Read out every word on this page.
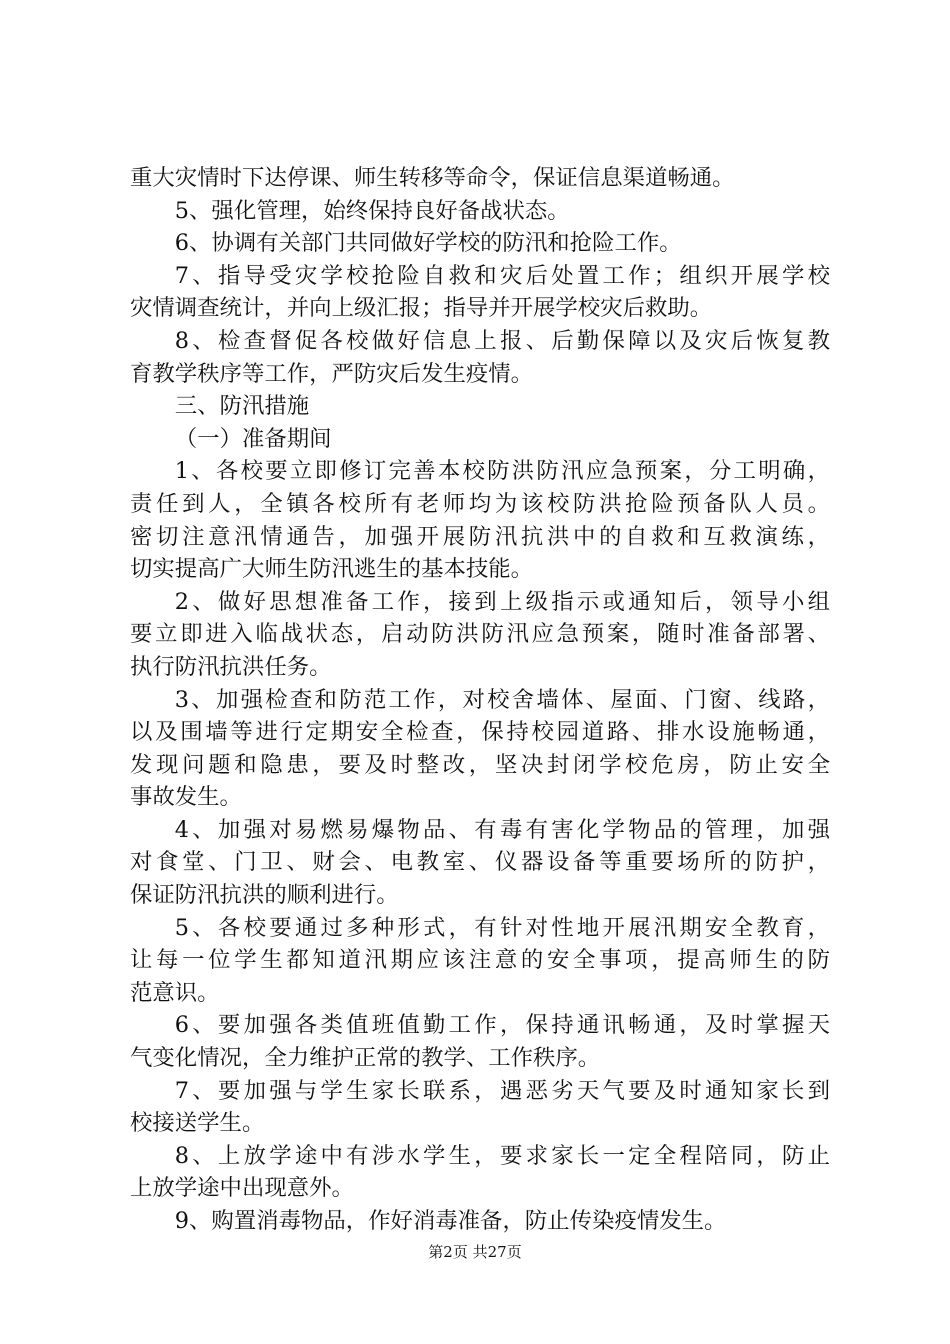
重大灾情时下达停课、师生转移等命令，保证信息渠道畅通。
5、强化管理，始终保持良好备战状态。
6、协调有关部门共同做好学校的防汛和抢险工作。
7、指导受灾学校抢险自救和灾后处置工作；组织开展学校
灾情调查统计，并向上级汇报；指导并开展学校灾后救助。
8、检查督促各校做好信息上报、后勤保障以及灾后恢复教
育教学秩序等工作，严防灾后发生疫情。
三、防汛措施
（一）准备期间
1、各校要立即修订完善本校防洪防汛应急预案，分工明确，
责任到人，全镇各校所有老师均为该校防洪抢险预备队人员。
密切注意汛情通告，加强开展防汛抗洪中的自救和互救演练，
切实提高广大师生防汛逃生的基本技能。
2、做好思想准备工作，接到上级指示或通知后，领导小组
要立即进入临战状态，启动防洪防汛应急预案，随时准备部署、
执行防汛抗洪任务。
3、加强检查和防范工作，对校舍墙体、屋面、门窗、线路，
以及围墙等进行定期安全检查，保持校园道路、排水设施畅通，
发现问题和隐患，要及时整改，坚决封闭学校危房，防止安全
事故发生。
4、加强对易燃易爆物品、有毒有害化学物品的管理，加强
对食堂、门卫、财会、电教室、仪器设备等重要场所的防护，
保证防汛抗洪的顺利进行。
5、各校要通过多种形式，有针对性地开展汛期安全教育，
让每一位学生都知道汛期应该注意的安全事项，提高师生的防
范意识。
6、要加强各类值班值勤工作，保持通讯畅通，及时掌握天
气变化情况，全力维护正常的教学、工作秩序。
7、要加强与学生家长联系，遇恶劣天气要及时通知家长到
校接送学生。
8、上放学途中有涉水学生，要求家长一定全程陪同，防止
上放学途中出现意外。
9、购置消毒物品，作好消毒准备，防止传染疫情发生。
第2页 共27页
